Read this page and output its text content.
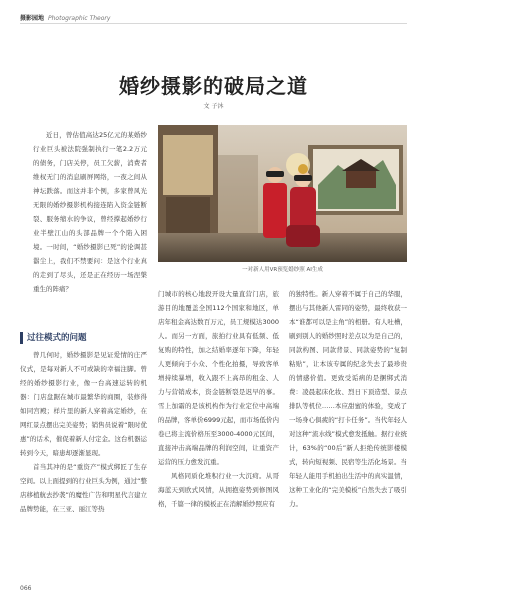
摄影园地 Photographic Theory
婚纱摄影的破局之道
文 子沐

近日，曾估值高达25亿元的某婚纱行业巨头被法院强制执行一笔2.2万元的债务，门店关停，员工欠薪，消费者维权无门的消息刷屏网络，一夜之间从神坛跌落。而这并非个例，多家曾风光无限的婚纱摄影机构接连陷入资金链断裂、服务缩水的争议，曾经撑起婚纱行业半壁江山的头部品牌一个个陷入困境。一时间，“婚纱摄影已死”的论调甚嚣尘上，我们不禁要问：是这个行业真的走到了尽头，还是正在经历一场涅槃重生的阵痛？

豆包AI生成
一对新人用VR预览婚纱照 AI生成
过往模式的问题

曾几何时，婚纱摄影是见证爱情的庄严仪式，是每对新人不可或缺的幸福注脚。曾经的婚纱摄影行业，像一台高速运转的机器：门店盘踞在城市最繁华的商圈，装修得如同宫殿；样片里的新人穿着高定婚纱，在网红景点摆出完美姿势；销售员说着“限时优惠”的话术，催促着新人付定金。这台机器运转到今天，暗患却逐渐显现。

首当其冲的是“重资产”模式绑匠了生存空间。以上面提到的行业巨头为例，通过“整店移植航去抄袭”的魔性广告和明星代言建立品牌势能，在三亚、丽江等热

门城市的核心地段开设大量直营门店，旅游目的地覆盖全国112个国家和地区，单店年租金高达数百万元，员工规模达3000人。而另一方面，旅拍行业具有低频、低复购的特性，加之结婚率逐年下降，年轻人更倾向于小众、个性化拍摄，导致客单增持续暴增，收入跟不上高昂的租金、人力与营销成本，资金链断裂是迟早的事。雪上加霜的是该机构作为行业定位中高端的品牌，客单价6999元起，而市场低价内卷已将主流价格压至3000-4000元区间，直接冲击高端品牌的利润空间，让重资产运营的压力愈发沉重。

风格同质化堆积行业一大沉疴。从哥海蓝天到欧式风情，从拥抱姿势到修图风格，千篇一律的模板正在消解婚纱照应有

的独特性。新人穿着不属于自己的华服，摆出与其他新人雷同的姿势，最终收获一本“谁都可以是主角”的相册。有人吐槽，刷到别人的婚纱照时差点以为是自己的，同款构图、同款背景、同款姿势的“复制粘贴”，让本该专属的纪念失去了最珍贵的情感价值。更致受诟病的是捆绑式消费：凌晨起床化妆、烈日下顶造型、景点排队等机位……本应甜蜜的体验，变成了一场身心俱疲的“打卡任务”。当代年轻人对这种“流水线”模式愈发抵触。据行业统计，63%的“00后”新人拒绝传统影楼模式，转向短视频、民宿等生活化场景。当年轻人能用手机拍出生活中的真实温情，这种工业化的“完美模板”自然失去了吸引力。

066
